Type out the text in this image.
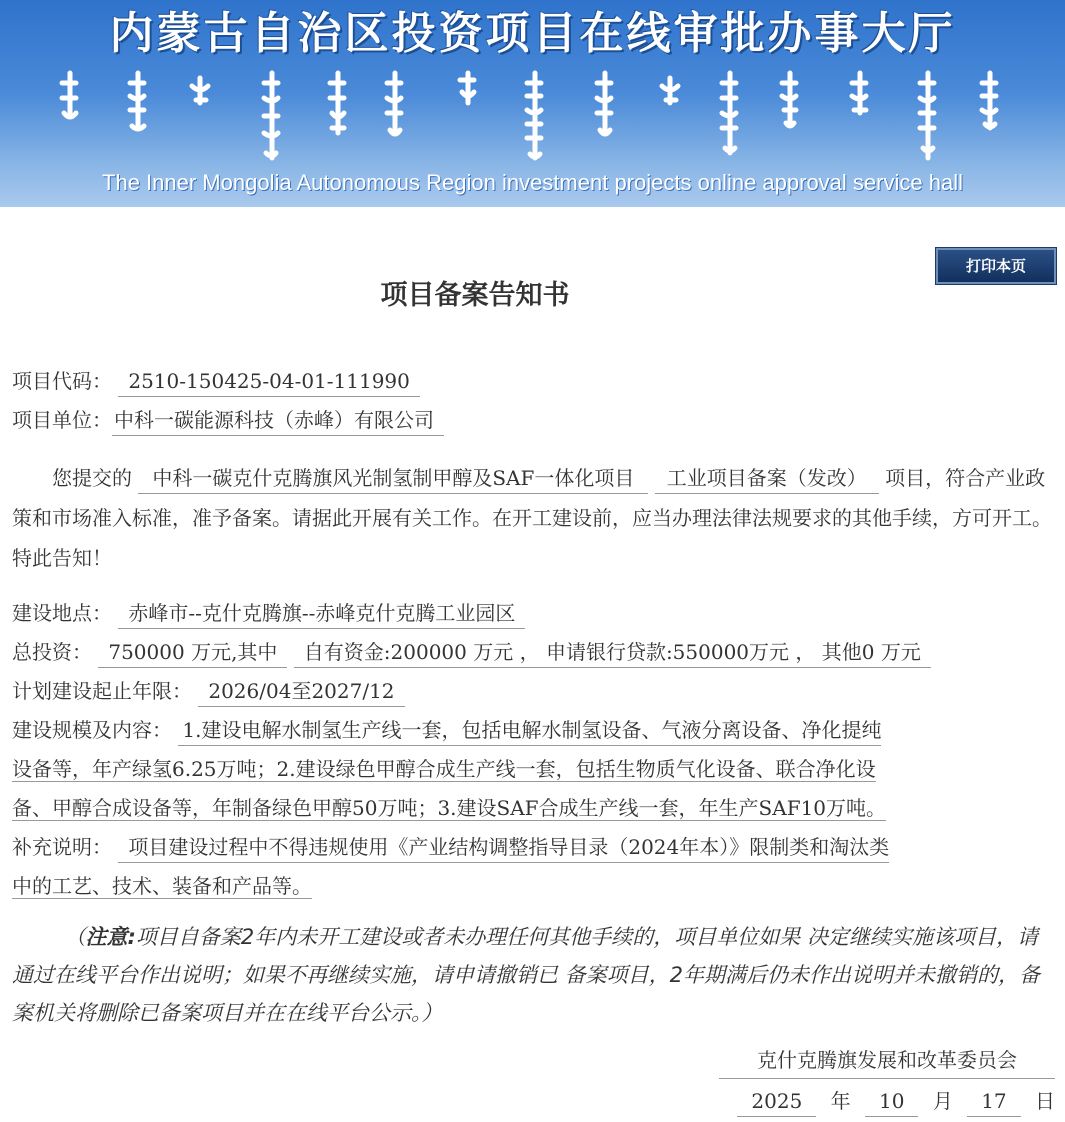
内蒙古自治区投资项目在线审批办事大厅
The Inner Mongolia Autonomous Region investment projects online approval service hall
打印本页
项目备案告知书
项目代码： 2510-150425-04-01-111990
项目单位： 中科一碳能源科技（赤峰）有限公司
您提交的 中科一碳克什克腾旗风光制氢制甲醇及SAF一体化项目 工业项目备案（发改） 项目，符合产业政策和市场准入标准，准予备案。请据此开展有关工作。在开工建设前，应当办理法律法规要求的其他手续，方可开工。特此告知！
建设地点： 赤峰市--克什克腾旗--赤峰克什克腾工业园区
总投资： 750000 万元,其中 自有资金:200000 万元 ， 申请银行贷款:550000万元 ， 其他0 万元
计划建设起止年限： 2026/04至2027/12
建设规模及内容： 1.建设电解水制氢生产线一套，包括电解水制氢设备、气液分离设备、净化提纯
设备等，年产绿氢6.25万吨；2.建设绿色甲醇合成生产线一套，包括生物质气化设备、联合净化设
备、甲醇合成设备等，年制备绿色甲醇50万吨；3.建设SAF合成生产线一套，年生产SAF10万吨。
补充说明： 项目建设过程中不得违规使用《产业结构调整指导目录（2024年本）》限制类和淘汰类
中的工艺、技术、装备和产品等。
（注意:项目自备案2年内未开工建设或者未办理任何其他手续的，项目单位如果 决定继续实施该项目，请通过在线平台作出说明；如果不再继续实施，请申请撤销已 备案项目，2年期满后仍未作出说明并未撤销的，备案机关将删除已备案项目并在在线平台公示。）
克什克腾旗发展和改革委员会
2025 年 10 月 17 日
